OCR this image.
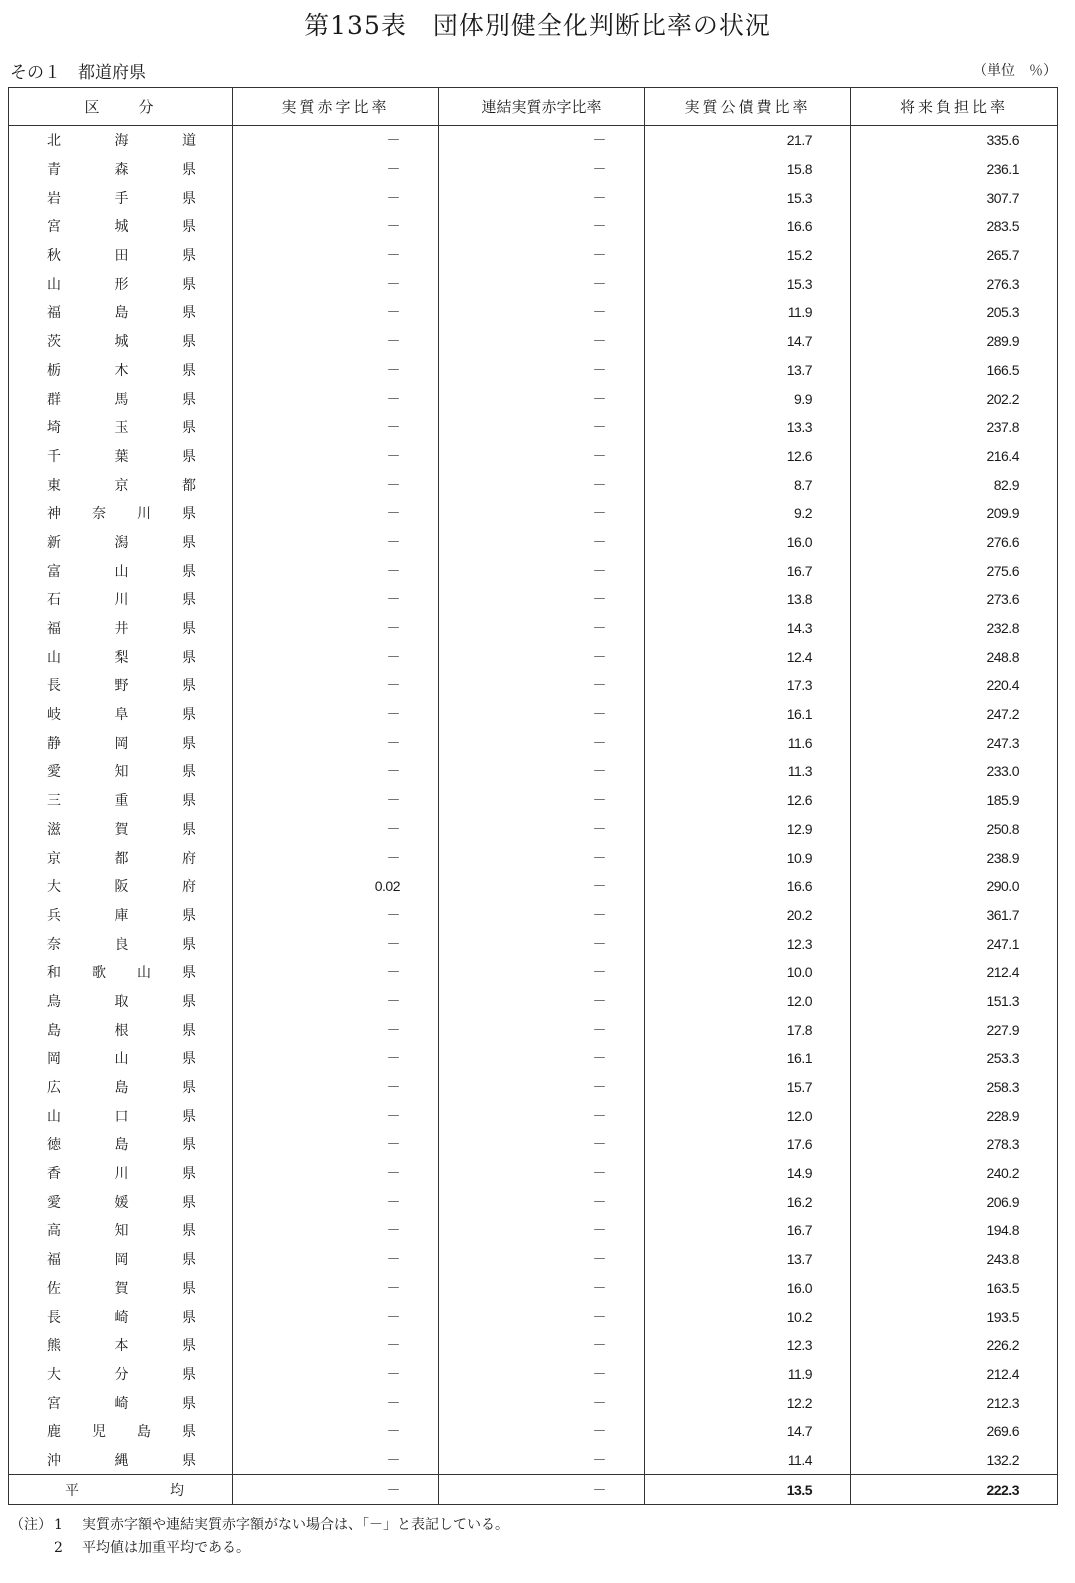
第135表　団体別健全化判断比率の状況
その１　都道府県	（単位　％）
区　　分	実質赤字比率	連結実質赤字比率	実質公債費比率	将来負担比率

北 海 道	－	－	21.7	335.6

青 森 県	－	－	15.8	236.1

岩 手 県	－	－	15.3	307.7

宮 城 県	－	－	16.6	283.5

秋 田 県	－	－	15.2	265.7

山 形 県	－	－	15.3	276.3

福 島 県	－	－	11.9	205.3

茨 城 県	－	－	14.7	289.9

栃 木 県	－	－	13.7	166.5

群 馬 県	－	－	9.9	202.2

埼 玉 県	－	－	13.3	237.8

千 葉 県	－	－	12.6	216.4

東 京 都	－	－	8.7	82.9

神 奈 川 県	－	－	9.2	209.9

新 潟 県	－	－	16.0	276.6

富 山 県	－	－	16.7	275.6

石 川 県	－	－	13.8	273.6

福 井 県	－	－	14.3	232.8

山 梨 県	－	－	12.4	248.8

長 野 県	－	－	17.3	220.4

岐 阜 県	－	－	16.1	247.2

静 岡 県	－	－	11.6	247.3

愛 知 県	－	－	11.3	233.0

三 重 県	－	－	12.6	185.9

滋 賀 県	－	－	12.9	250.8

京 都 府	－	－	10.9	238.9

大 阪 府	0.02	－	16.6	290.0

兵 庫 県	－	－	20.2	361.7

奈 良 県	－	－	12.3	247.1

和 歌 山 県	－	－	10.0	212.4

鳥 取 県	－	－	12.0	151.3

島 根 県	－	－	17.8	227.9

岡 山 県	－	－	16.1	253.3

広 島 県	－	－	15.7	258.3

山 口 県	－	－	12.0	228.9

徳 島 県	－	－	17.6	278.3

香 川 県	－	－	14.9	240.2

愛 媛 県	－	－	16.2	206.9

高 知 県	－	－	16.7	194.8

福 岡 県	－	－	13.7	243.8

佐 賀 県	－	－	16.0	163.5

長 崎 県	－	－	10.2	193.5

熊 本 県	－	－	12.3	226.2

大 分 県	－	－	11.9	212.4

宮 崎 県	－	－	12.2	212.3

鹿 児 島 県	－	－	14.7	269.6

沖 縄 県	－	－	11.4	132.2

平 均	－	－	13.5	222.3
（注） 1	実質赤字額や連結実質赤字額がない場合は、「－」と表記している。
2	平均値は加重平均である。
